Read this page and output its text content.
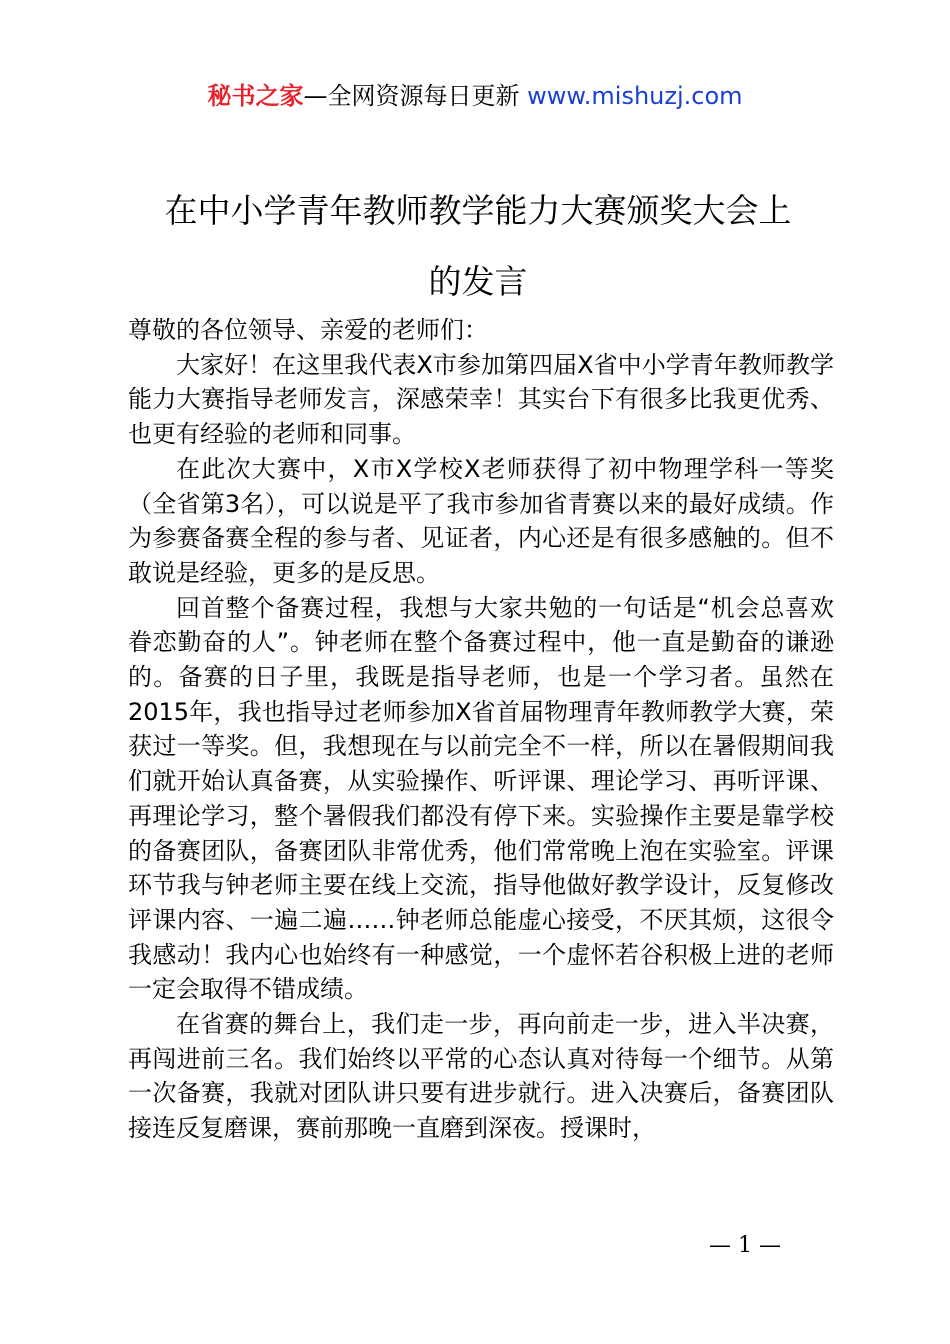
秘书之家—全网资源每日更新 www.mishuzj.com
在中小学青年教师教学能力大赛颁奖大会上
的发言

尊敬的各位领导、亲爱的老师们：

大家好！在这里我代表X市参加第四届X省中小学青年教师教学能力大赛指导老师发言，深感荣幸！其实台下有很多比我更优秀、也更有经验的老师和同事。

在此次大赛中，X市X学校X老师获得了初中物理学科一等奖（全省第3名），可以说是平了我市参加省青赛以来的最好成绩。作为参赛备赛全程的参与者、见证者，内心还是有很多感触的。但不敢说是经验，更多的是反思。

回首整个备赛过程，我想与大家共勉的一句话是“机会总喜欢眷恋勤奋的人”。钟老师在整个备赛过程中，他一直是勤奋的谦逊的。备赛的日子里，我既是指导老师，也是一个学习者。虽然在2015年，我也指导过老师参加X省首届物理青年教师教学大赛，荣获过一等奖。但，我想现在与以前完全不一样，所以在暑假期间我们就开始认真备赛，从实验操作、听评课、理论学习、再听评课、再理论学习，整个暑假我们都没有停下来。实验操作主要是靠学校的备赛团队，备赛团队非常优秀，他们常常晚上泡在实验室。评课环节我与钟老师主要在线上交流，指导他做好教学设计，反复修改评课内容、一遍二遍……钟老师总能虚心接受，不厌其烦，这很令我感动！我内心也始终有一种感觉，一个虚怀若谷积极上进的老师一定会取得不错成绩。

在省赛的舞台上，我们走一步，再向前走一步，进入半决赛，再闯进前三名。我们始终以平常的心态认真对待每一个细节。从第一次备赛，我就对团队讲只要有进步就行。进入决赛后，备赛团队接连反复磨课，赛前那晚一直磨到深夜。授课时，

— 1 —
